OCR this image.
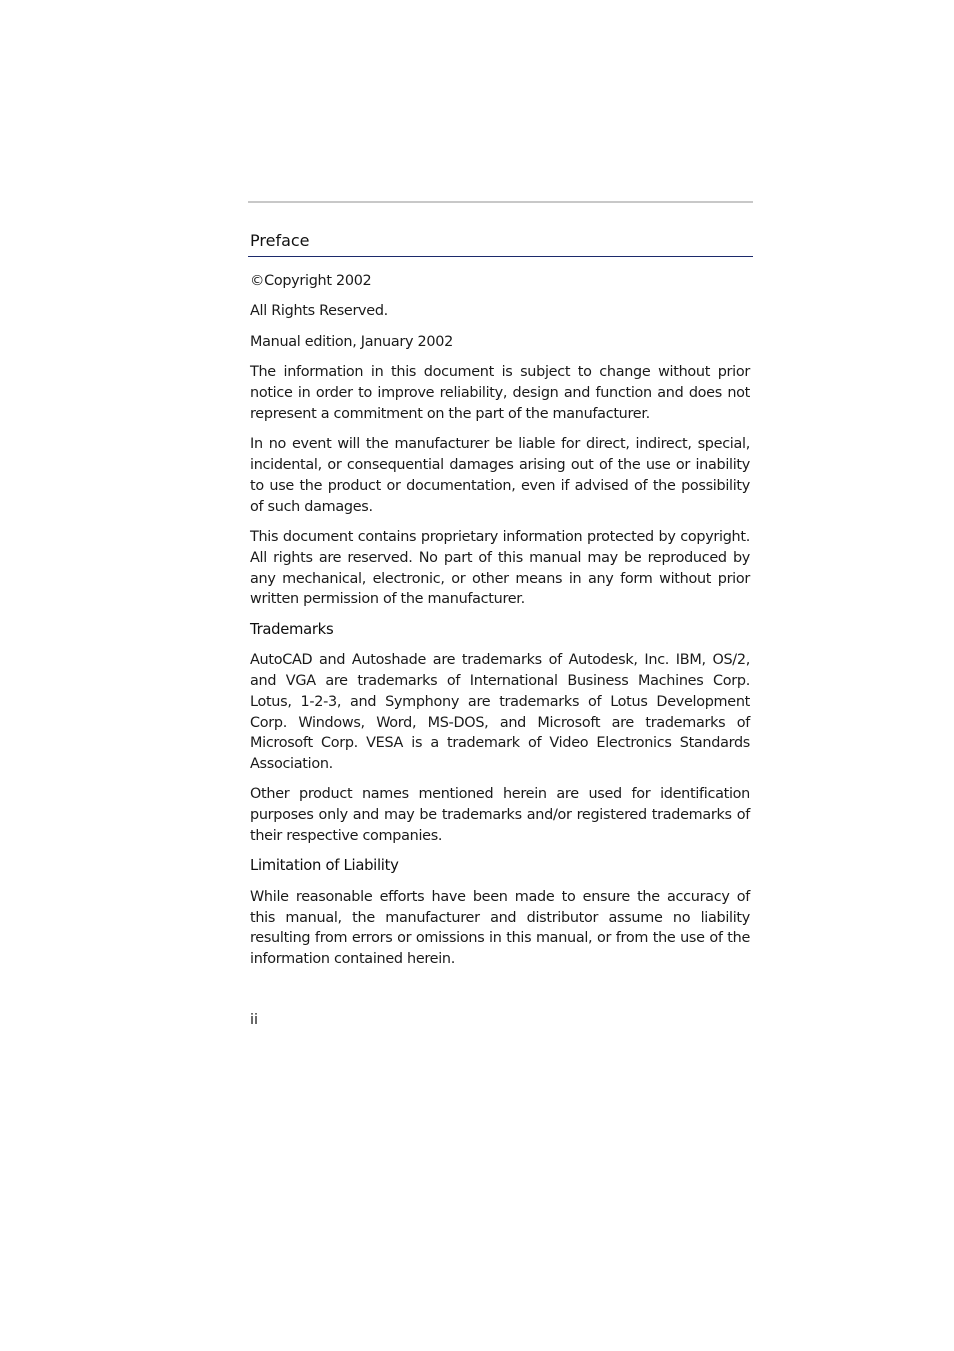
Preface

©Copyright 2002

All Rights Reserved.

Manual edition, January 2002

The information in this document is subject to change without prior notice in order to improve reliability, design and function and does not represent a commitment on the part of the manufacturer.

In no event will the manufacturer be liable for direct, indirect, special, incidental, or consequential damages arising out of the use or inability to use the product or documentation, even if advised of the possibility of such damages.

This document contains proprietary information protected by copyright. All rights are reserved. No part of this manual may be reproduced by any mechanical, electronic, or other means in any form without prior written permission of the manufacturer.

Trademarks

AutoCAD and Autoshade are trademarks of Autodesk, Inc. IBM, OS/2, and VGA are trademarks of International Business Machines Corp. Lotus, 1-2-3, and Symphony are trademarks of Lotus Development Corp. Windows, Word, MS-DOS, and Microsoft are trademarks of Microsoft Corp. VESA is a trademark of Video Electronics Standards Association.

Other product names mentioned herein are used for identification purposes only and may be trademarks and/or registered trademarks of their respective companies.

Limitation of Liability

While reasonable efforts have been made to ensure the accuracy of this manual, the manufacturer and distributor assume no liability resulting from errors or omissions in this manual, or from the use of the information contained herein.

ii
